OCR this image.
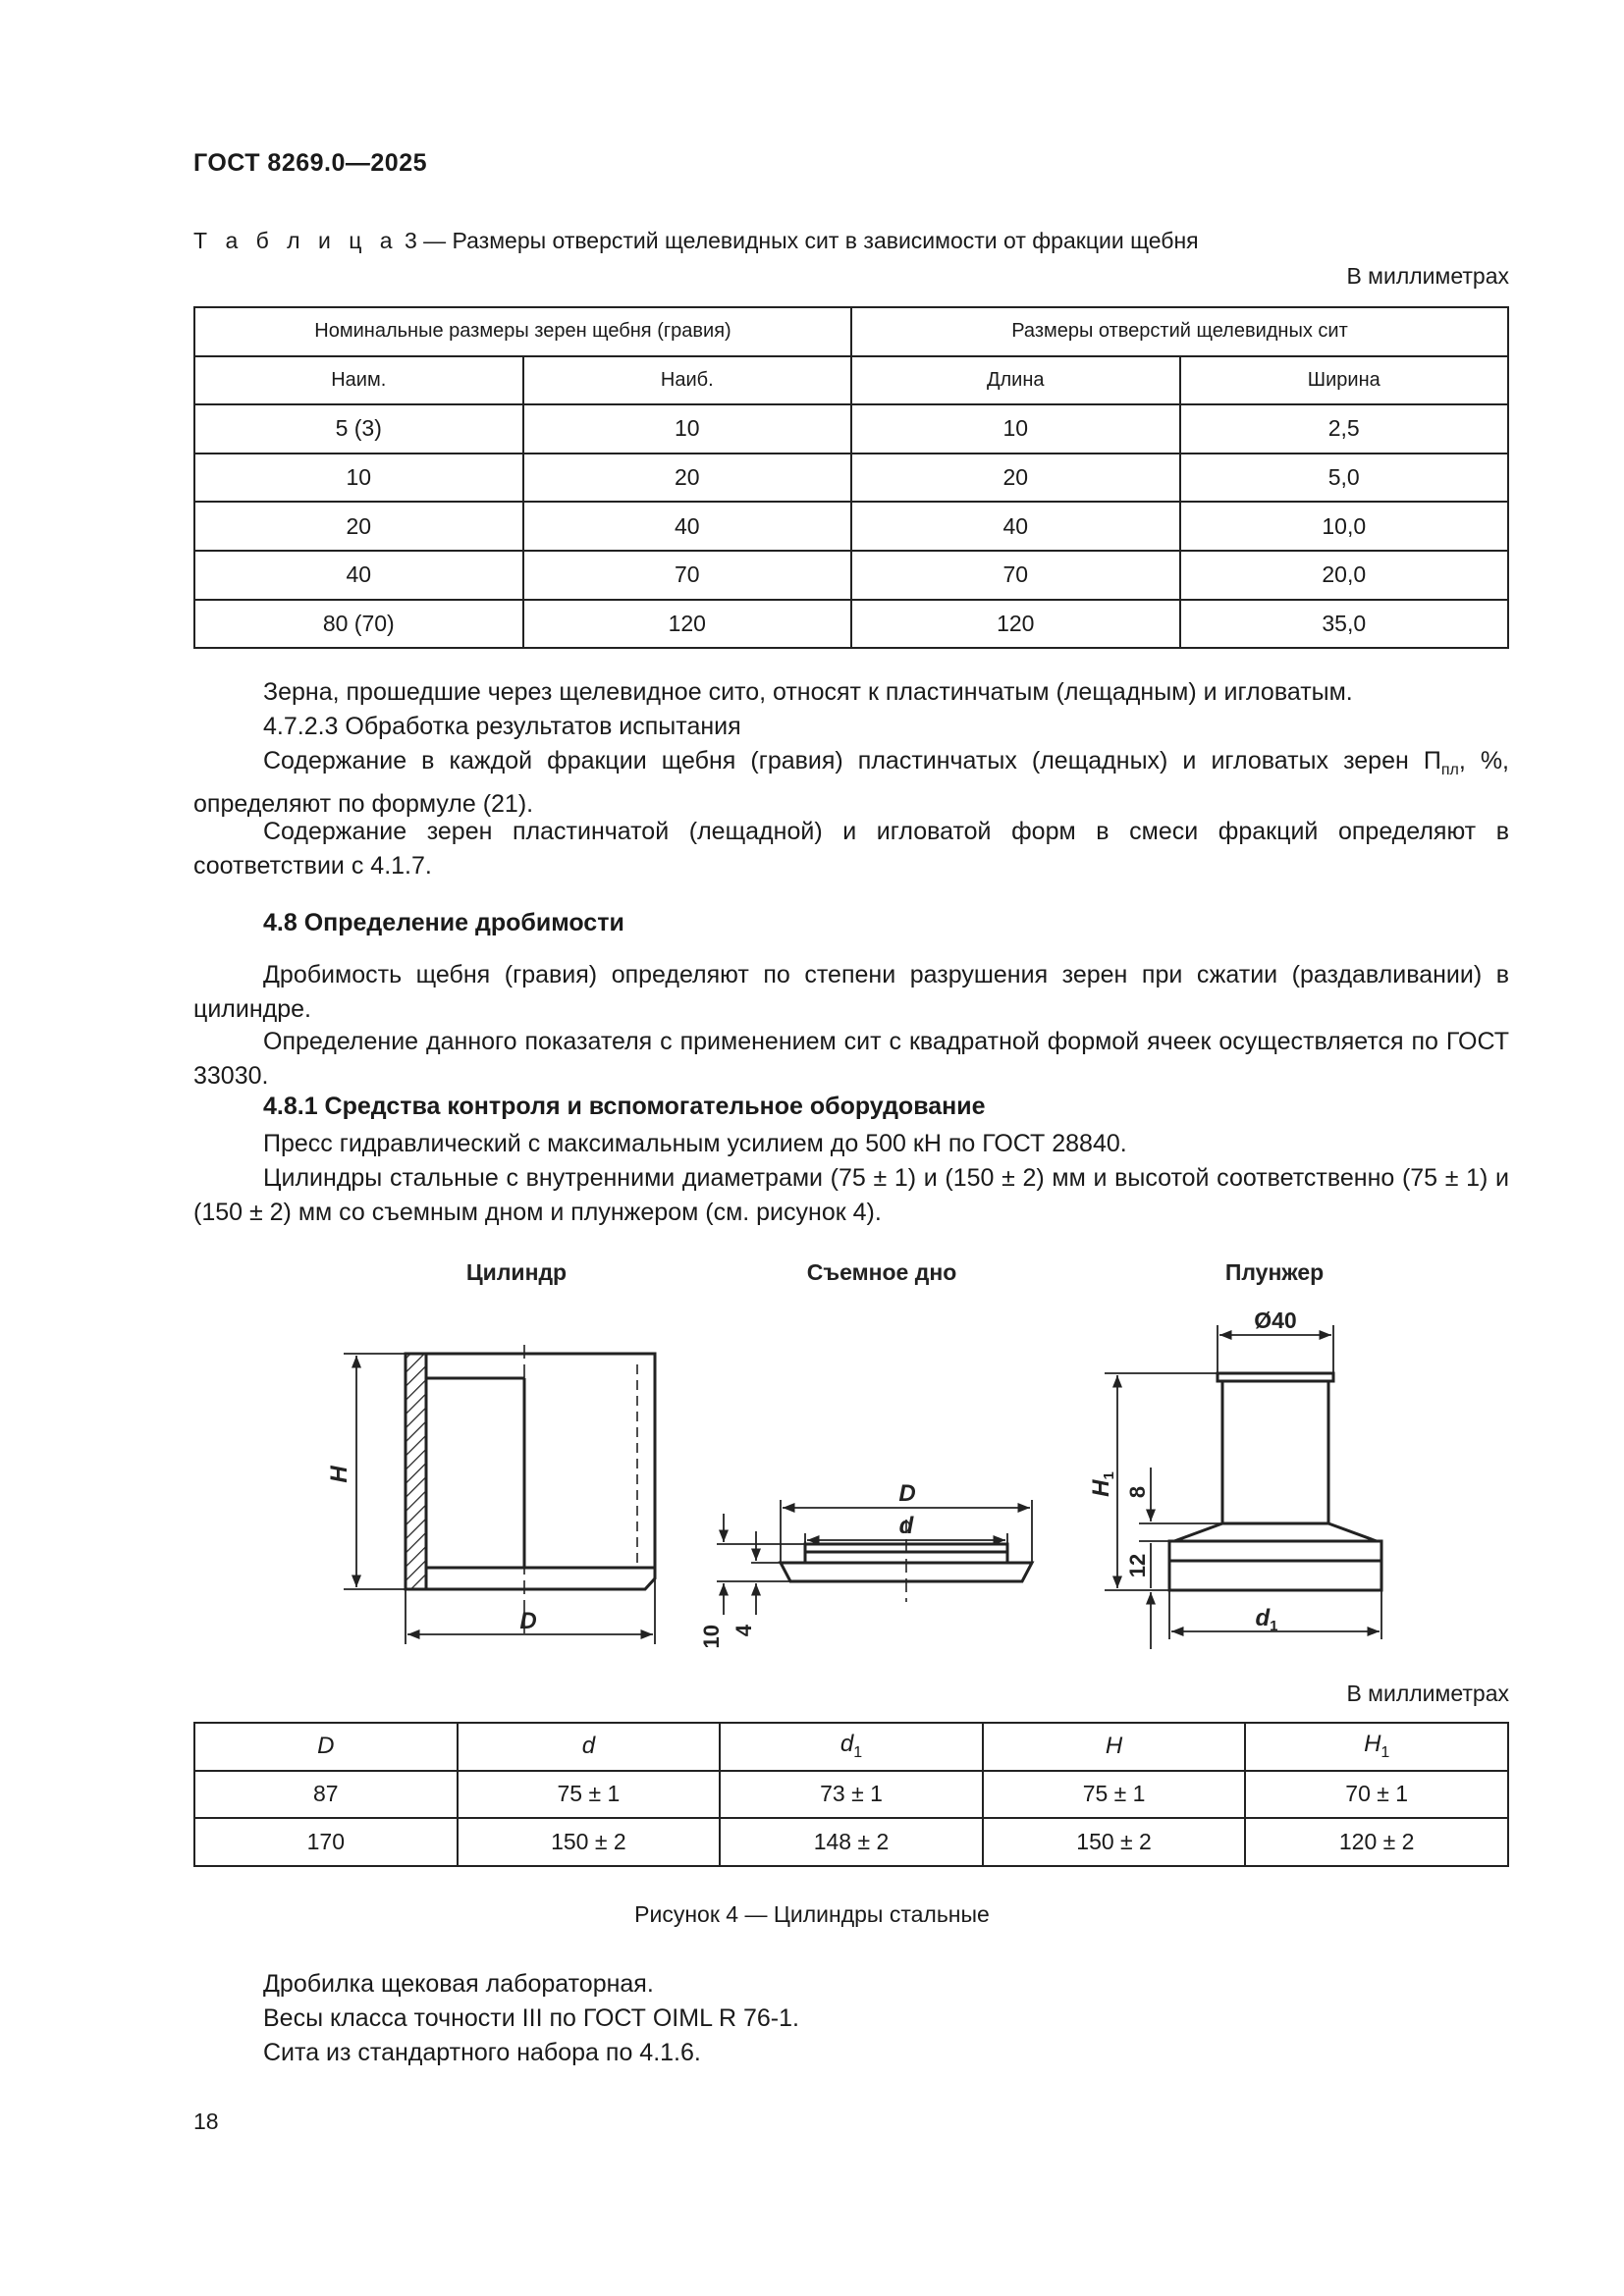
ГОСТ 8269.0—2025
Т а б л и ц а 3 — Размеры отверстий щелевидных сит в зависимости от фракции щебня
В миллиметрах
Номинальные размеры зерен щебня (гравия)		Размеры отверстий щелевидных сит	
Наим.	Наиб.	Длина	Ширина
5 (3)	10	10	2,5
10	20	20	5,0
20	40	40	10,0
40	70	70	20,0
80 (70)	120	120	35,0
Зерна, прошедшие через щелевидное сито, относят к пластинчатым (лещадным) и игловатым.
4.7.2.3 Обработка результатов испытания
Содержание в каждой фракции щебня (гравия) пластинчатых (лещадных) и игловатых зерен $П_{пл}$, %, определяют по формуле (21).
Содержание зерен пластинчатой (лещадной) и игловатой форм в смеси фракций определяют в соответствии с 4.1.7.
4.8 Определение дробимости
Дробимость щебня (гравия) определяют по степени разрушения зерен при сжатии (раздавливании) в цилиндре.
Определение данного показателя с применением сит с квадратной формой ячеек осуществляется по ГОСТ 33030.
4.8.1 Средства контроля и вспомогательное оборудование
Пресс гидравлический с максимальным усилием до 500 кН по ГОСТ 28840.
Цилиндры стальные с внутренними диаметрами (75 ± 1) и (150 ± 2) мм и высотой соответственно (75 ± 1) и (150 ± 2) мм со съемным дном и плунжером (см. рисунок 4).
Цилиндр	Съемное дно	Плунжер
H
D
D
d
10 4
Ø40
$H_1$
8
12
$d_1$
В миллиметрах
D	d	$d_1$	H	$H_1$
87	75 ± 1	73 ± 1	75 ± 1	70 ± 1
170	150 ± 2	148 ± 2	150 ± 2	120 ± 2
Рисунок 4 — Цилиндры стальные
Дробилка щековая лабораторная.
Весы класса точности III по ГОСТ OIML R 76-1.
Сита из стандартного набора по 4.1.6.
18
